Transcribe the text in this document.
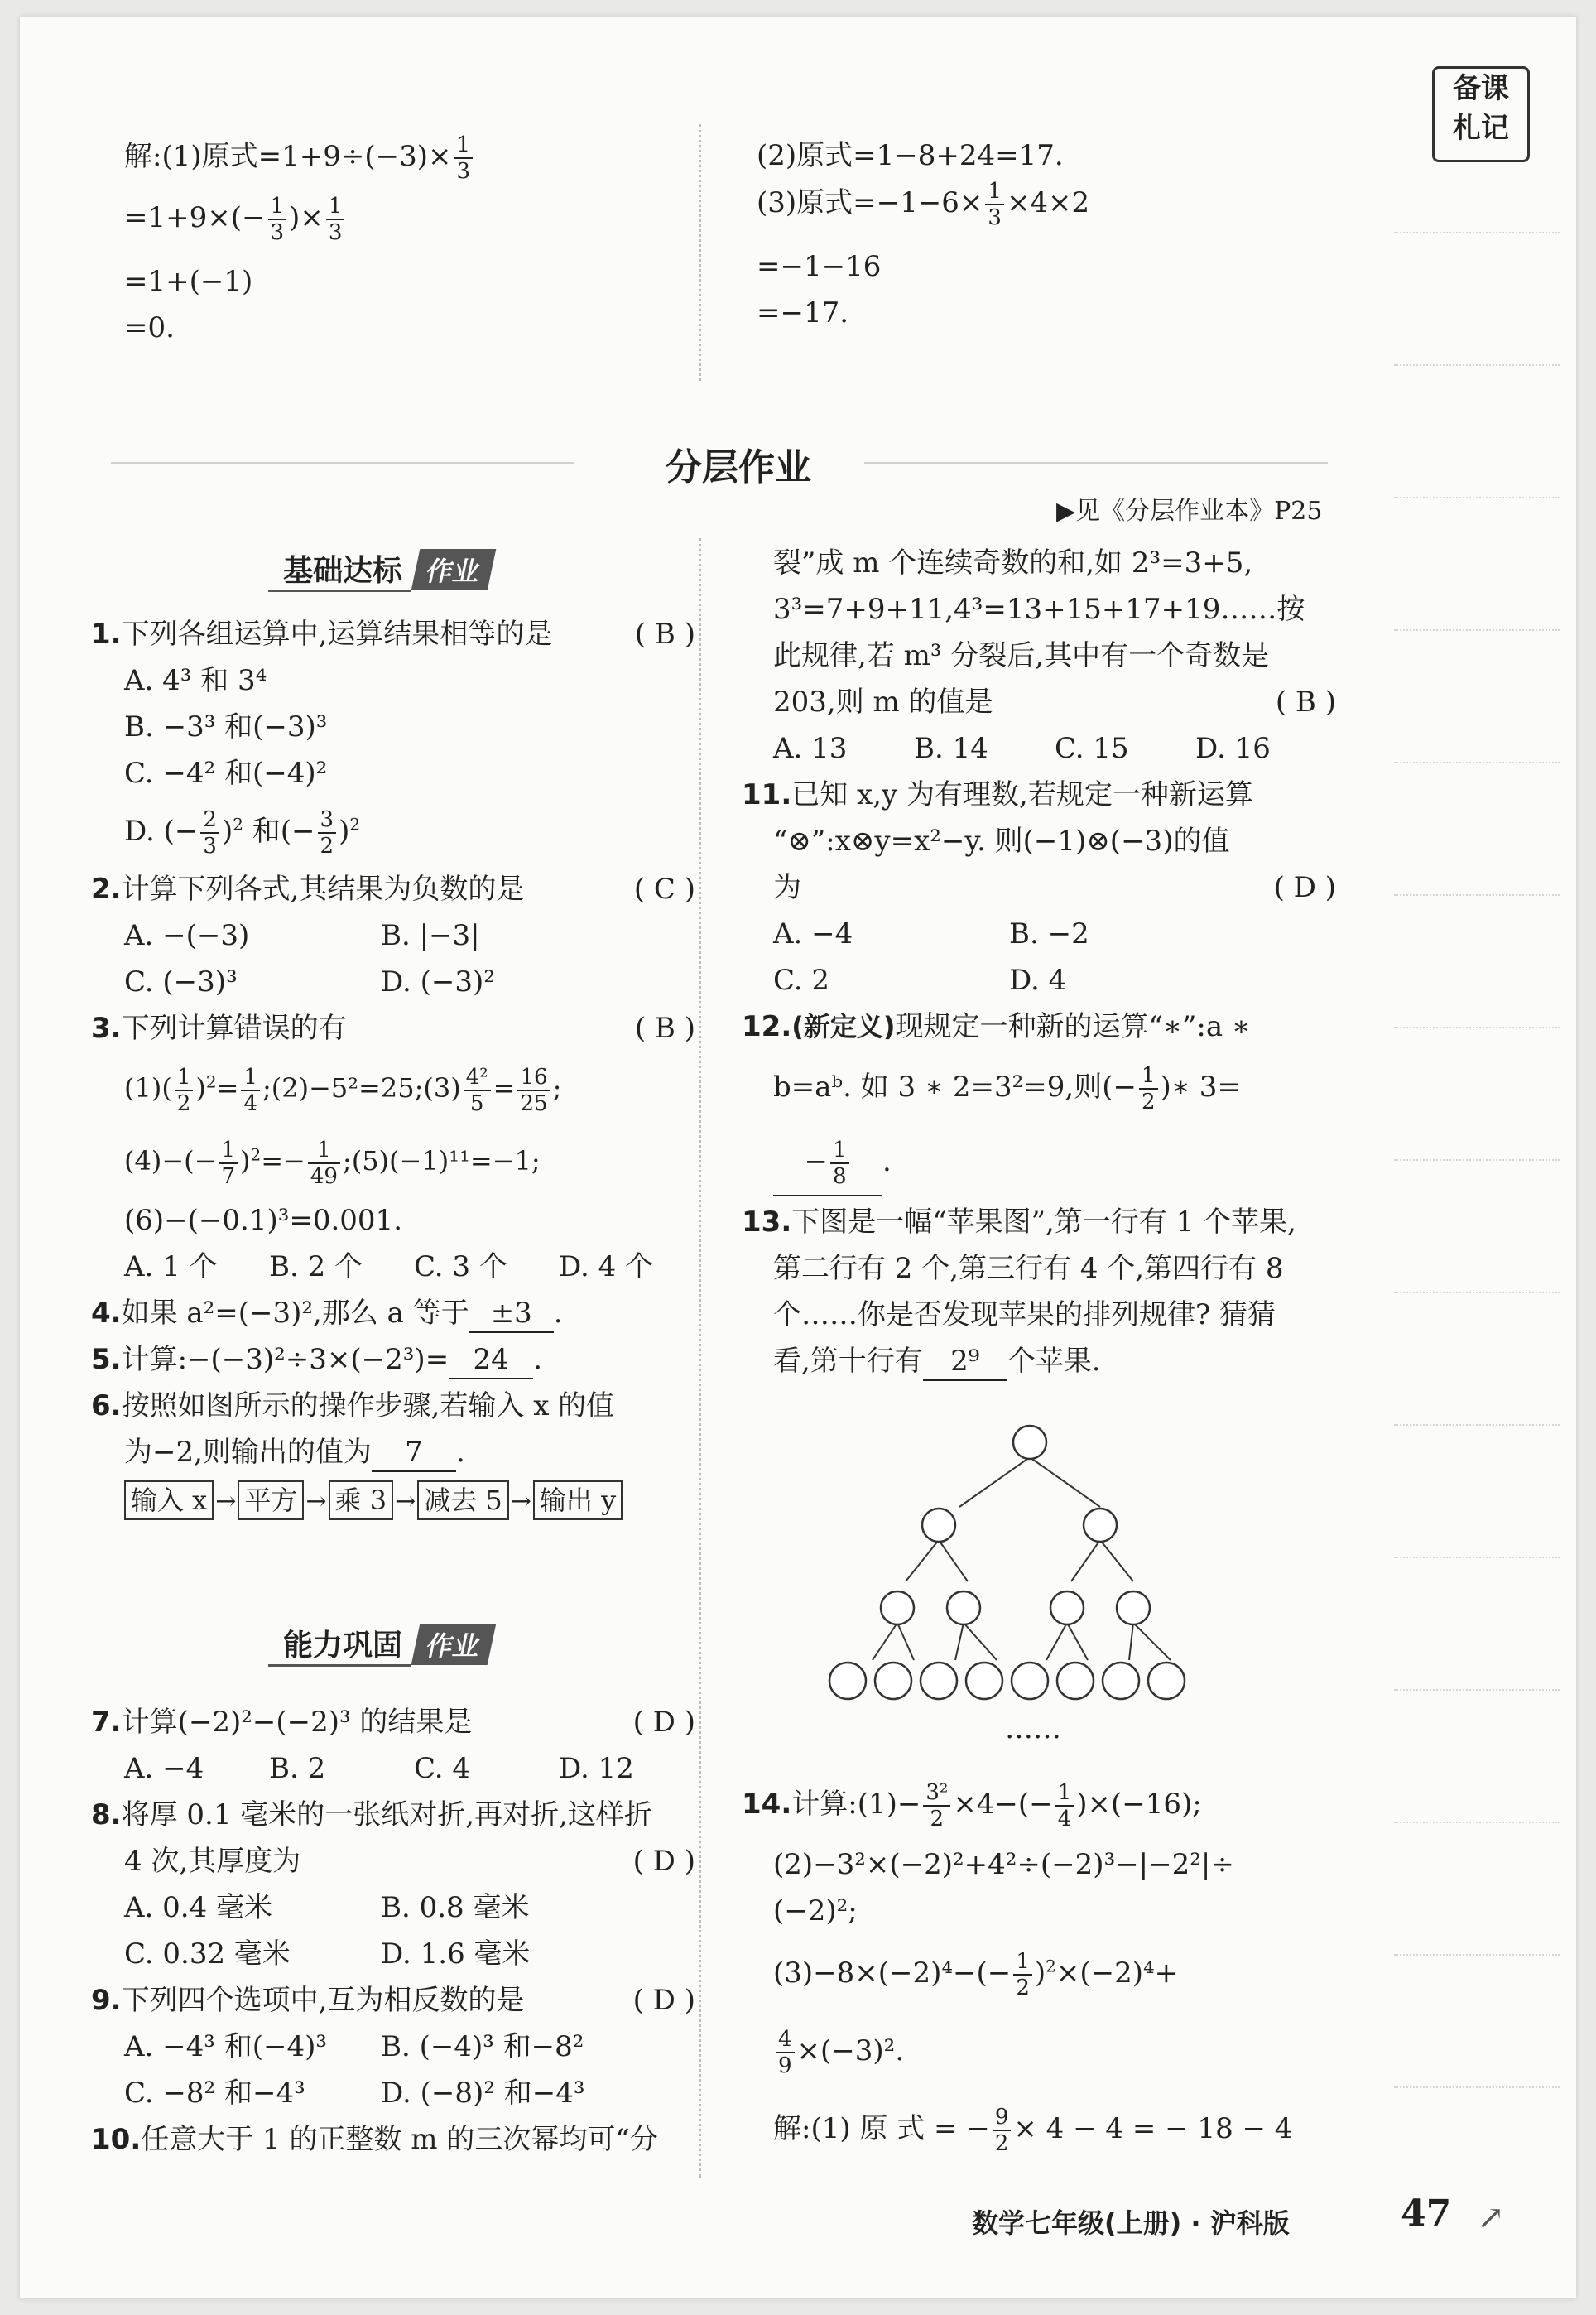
备课
札记
解:(1)原式$=1+9\div(-3)\times \frac{1}{3}$
$=1+9\times(- \frac{1}{3}$ )× $\frac{1}{3}$
=1+(−1)
=0.
(2)原式=1−8+24=17.
(3)原式$=-1-6\times \frac{1}{3} \times 4\times 2$
=−1−16
=−17.
分层作业
▶见《分层作业本》P25
基础达标 作业
1.下列各组运算中,运算结果相等的是	( B )
A. 4³ 和 3⁴
B. −3³ 和(−3)³
C. −4² 和(−4)²
D. (− $\frac{2}{3} )^2$ 和(− $\frac{3}{2} )^2$
2.计算下列各式,其结果为负数的是	( C )
A. −(−3)	B. |−3|
C. (−3)³	D. (−3)²
3.下列计算错误的有	( B )
$(1)( \frac{1}{2} )^2= \frac{1}{4}$ ;(2)−5²=25;(3) $\frac{\text{4²}}{5} = \frac{16}{25}$ ;
$(4)-(- \frac{1}{7} )^2=- \frac{1}{49}$ ;(5)(−1)¹¹=−1;
(6)−(−0.1)³=0.001.
A. 1 个 B. 2 个 C. 3 个 D. 4 个
4.如果 a²=(−3)²,那么 a 等于 ±3 .
5.计算:−(−3)²÷3×(−2³)= 24 .
6.按照如图所示的操作步骤,若输入 x 的值
为−2,则输出的值为 7 .
输入 x → 平方 → 乘 3 → 减去 5 → 输出 y
能力巩固 作业
7.计算(−2)²−(−2)³ 的结果是	( D )
A. −4 B. 2	C. 4	D. 12
8.将厚 0.1 毫米的一张纸对折,再对折,这样折
4 次,其厚度为	( D )
A. 0.4 毫米	B. 0.8 毫米
C. 0.32 毫米	D. 1.6 毫米
9.下列四个选项中,互为相反数的是	( D )
A. −4³ 和(−4)³ B. (−4)³ 和−8²
C. −8² 和−4³	D. (−8)² 和−4³
10.任意大于 1 的正整数 m 的三次幂均可“分
裂”成 m 个连续奇数的和,如 2³=3+5,
3³=7+9+11,4³=13+15+17+19……按
此规律,若 m³ 分裂后,其中有一个奇数是
203,则 m 的值是	( B )
A. 13 B. 14 C. 15 D. 16
11.已知 x,y 为有理数,若规定一种新运算
“⊗”:x⊗y=x²−y. 则(−1)⊗(−3)的值
为	( D )
A. −4	B. −2
C. 2	D. 4
12.(新定义)现规定一种新的运算“∗”:a ∗
b=aᵇ. 如 3 ∗ 2=3²=9,则(− $\frac{1}{2}$ )∗ 3=
− $\frac{1}{8}$ .
13.下图是一幅“苹果图”,第一行有 1 个苹果,
第二行有 2 个,第三行有 4 个,第四行有 8
个……你是否发现苹果的排列规律? 猜猜
看,第十行有 2⁹ 个苹果.
……
14.计算:(1)− $\frac{\text{3²}}{2} \times 4-(- \frac{1}{4} )\times(-16)$;
(2)−3²×(−2)²+4²÷(−2)³−|−2²|÷
(−2)²;
$(3)-8\times(-2)^4-(- \frac{1}{2} )^2\times(-2)^4+$
$\frac{4}{9} \times(-3)^2$.
解:(1) 原 式 = − $\frac{9}{2} \times 4 - 4$ = − 18 − 4
数学七年级(上册) · 沪科版	47 ↗
